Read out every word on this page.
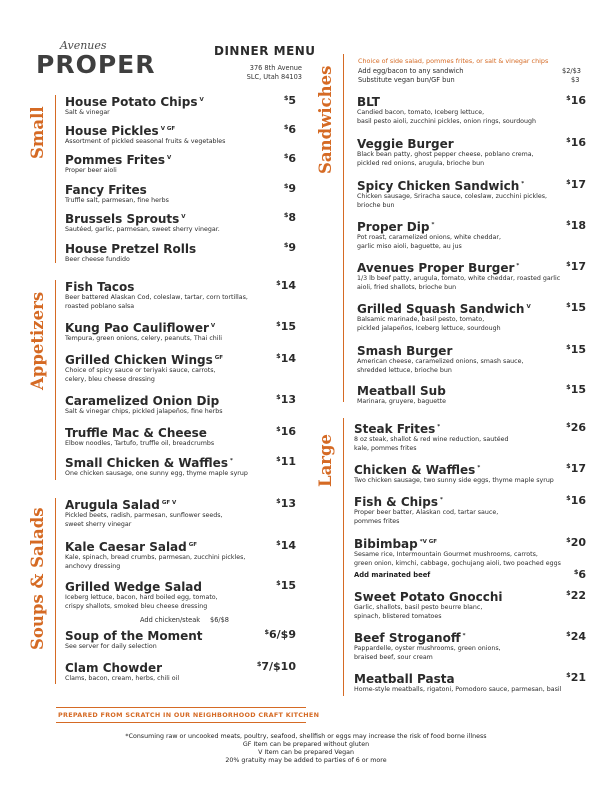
Avenues
PROPER	DINNER MENU
376 8th Avenue
SLC, Utah 84103
Small
Appetizers
Soups & Salads
Sandwiches
Large
House Potato Chips $^V$
Salt & vinegar
$5
House Pickles $^{V GF}$
Assortment of pickled seasonal fruits & vegetables
$6
Pommes Frites $^V$
Proper beer aioli
$6
Fancy Frites
Truffle salt, parmesan, fine herbs
$9
Brussels Sprouts $^V$
Sautéed, garlic, parmesan, sweet sherry vinegar.
$8
House Pretzel Rolls
Beer cheese fundido
$9
Fish Tacos
Beer battered Alaskan Cod, coleslaw, tartar, corn tortillas,
roasted poblano salsa
$14
Kung Pao Cauliflower $^V$
Tempura, green onions, celery, peanuts, Thai chili
$15
Grilled Chicken Wings $^{GF}$
Choice of spicy sauce or teriyaki sauce, carrots,
celery, bleu cheese dressing
$14
Caramelized Onion Dip
Salt & vinegar chips, pickled jalapeños, fine herbs
$13
Truffle Mac & Cheese
Elbow noodles, Tartufo, truffle oil, breadcrumbs
$16
Small Chicken & Waffles *
One chicken sausage, one sunny egg, thyme maple syrup
$11
Arugula Salad $^{GF V}$
Pickled beets, radish, parmesan, sunflower seeds,
sweet sherry vinegar
$13
Kale Caesar Salad $^{GF}$
Kale, spinach, bread crumbs, parmesan, zucchini pickles,
anchovy dressing
$14
Grilled Wedge Salad
Iceberg lettuce, bacon, hard boiled egg, tomato,
crispy shallots, smoked bleu cheese dressing
$15
Soup of the Moment
See server for daily selection
$6/$9
Clam Chowder
Clams, bacon, cream, herbs, chili oil
$7/$10
BLT
Candied bacon, tomato, Iceberg lettuce,
basil pesto aioli, zucchini pickles, onion rings, sourdough
$16
Veggie Burger
Black bean patty, ghost pepper cheese, poblano crema,
pickled red onions, arugula, brioche bun
$16
Spicy Chicken Sandwich *
Chicken sausage, Sriracha sauce, coleslaw, zucchini pickles,
brioche bun
$17
Proper Dip *
Pot roast, caramelized onions, white cheddar,
garlic miso aioli, baguette, au jus
$18
Avenues Proper Burger *
1/3 lb beef patty, arugula, tomato, white cheddar, roasted garlic
aioli, fried shallots, brioche bun
$17
Grilled Squash Sandwich $^V$
Balsamic marinade, basil pesto, tomato,
pickled jalapeños, Iceberg lettuce, sourdough
$15
Smash Burger
American cheese, caramelized onions, smash sauce,
shredded lettuce, brioche bun
$15
Meatball Sub
Marinara, gruyere, baguette
$15
Steak Frites *
8 oz steak, shallot & red wine reduction, sautéed
kale, pommes frites
$26
Chicken & Waffles *
Two chicken sausage, two sunny side eggs, thyme maple syrup
$17
Fish & Chips *
Proper beer batter, Alaskan cod, tartar sauce,
pommes frites
$16
Bibimbap $^{*V GF}$
Sesame rice, Intermountain Gourmet mushrooms, carrots,
green onion, kimchi, cabbage, gochujang aioli, two poached eggs
$20
Sweet Potato Gnocchi
Garlic, shallots, basil pesto beurre blanc,
spinach, blistered tomatoes
$22
Beef Stroganoff *
Pappardelle, oyster mushrooms, green onions,
braised beef, sour cream
$24
Meatball Pasta
Home-style meatballs, rigatoni, Pomodoro sauce, parmesan, basil
$21
Add chicken/steak $6/$8
Choice of side salad, pommes frites, or salt & vinegar chips
Add egg/bacon to any sandwich	$2/$3
Substitute vegan bun/GF bun	$3
Add marinated beef	$6
PREPARED FROM SCRATCH IN OUR NEIGHBORHOOD CRAFT KITCHEN
*Consuming raw or uncooked meats, poultry, seafood, shellfish or eggs may increase the risk of food borne illness
GF Item can be prepared without gluten
V Item can be prepared Vegan
20% gratuity may be added to parties of 6 or more
